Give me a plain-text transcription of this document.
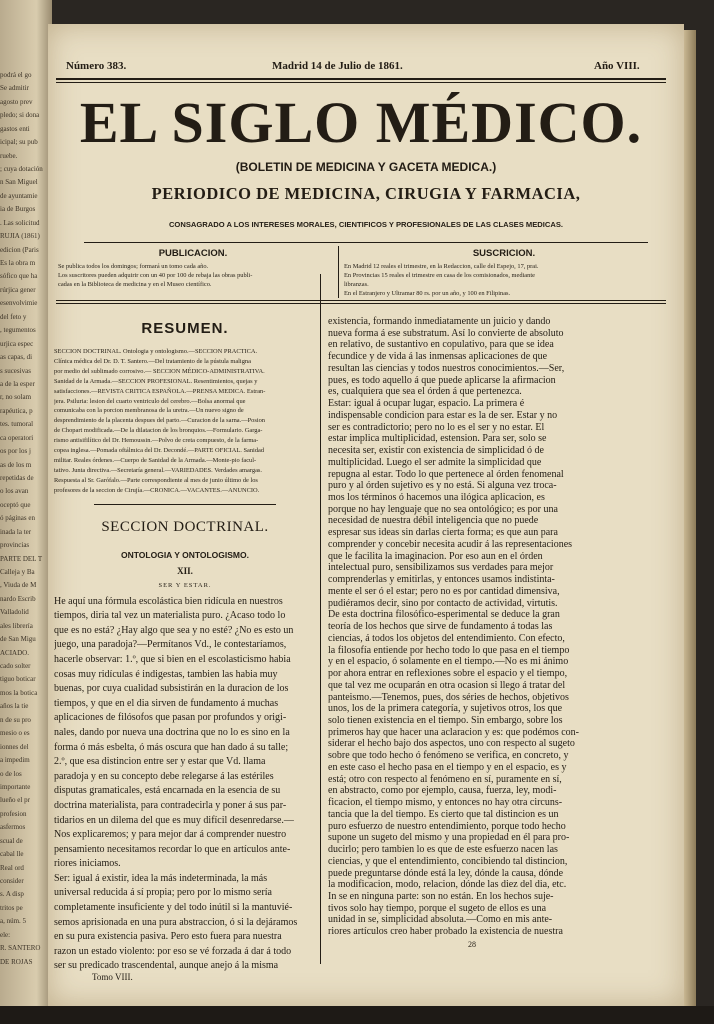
podrá el go
Se admitir
agosto prev
pledo; si dona
gastos enti
icipal; su pub
ruebe.
; cuya dotación
n San Miguel
de ayuntamie
ia de Burgos
. Las solicitud
RUJIA (1861)
edicion (Paris
Es la obra m
sófico que ha
rúrjica gener
esenvolvimie
del feto y
, tegumentos
urjica espec
as capas, di
s sucesivas
a de la esper
r, no solam
rapéutica, p
tes. tumoral
ca operatori
os por los j
as de los m
repetidas de
o los avan
oceptó que
ó páginas en
inada la ter
provincias
PARTE DEL T
Calleja y Ba
, Viuda de M
nardo Escrib
Valladolid
ales librería
de San Migu
ACIADO.
cado solter
tiguo boticar
mos la botica
años la tie
n de su pro
mesio o es
ionnes del
a impedim
o de los
importante
lueño el pr
profesion
asfermos
scual de
cabal lle
Real ord
consider
s. A disp
tritos pe
a, núm. 5
ele:
R. SANTERO
DE ROJAS
Número 383.	Madrid 14 de Julio de 1861.	Año VIII.
EL SIGLO MÉDICO.
(BOLETIN DE MEDICINA Y GACETA MEDICA.)
PERIODICO DE MEDICINA, CIRUGIA Y FARMACIA,
CONSAGRADO A LOS INTERESES MORALES, CIENTIFICOS Y PROFESIONALES DE LAS CLASES MEDICAS.
PUBLICACION.
Se publica todos los domingos; formará un tomo cada año.
Los suscritores pueden adquirir con un 40 por 100 de rebaja las obras publi-
cadas en la Biblioteca de medicina y en el Museo científico.
SUSCRICION.
En Madrid 12 reales el trimestre, en la Redaccion, calle del Espejo, 17, prai.
En Provincias 15 reales el trimestre en casa de los comisionados, mediante
libranzas.
En el Estranjero y Ultramar 80 rs. por un año, y 100 en Filipinas.
RESUMEN.
SECCION DOCTRINAL. Ontologia y ontologismo.—SECCION PRACTICA.
Clínica médica del Dr. D. T. Santero.—Del tratamiento de la pústula maligna
por medio del sublimado corrosivo.— SECCION MÉDICO-ADMINISTRATIVA.
Sanidad de la Armada.—SECCION PROFESIONAL. Resentimientos, quejas y
satisfacciones.—REVISTA CRITICA ESPAÑOLA.—PRENSA MEDICA. Estran-
jera. Psiluria: lesion del cuarto ventriculo del cerebro.—Bolsa anormal que
comunicaba con la porcion membranosa de la uretra.—Un nuevo signo de
desprendimiento de la placenta despues del parto.—Curacion de la sarna.—Posion
de Chopart modificada.—De la dilatacion de los bronquios.—Formulario. Garga-
rismo antisifilítico del Dr. Hemoussin.—Polvo de creta compuesto, de la farma-
copea inglesa.—Pomada oftálmica del Dr. Decondé.—PARTE OFICIAL. Sanidad
militar. Reales órdenes.—Cuerpo de Sanidad de la Armada.—Monte-pio facul-
tativo. Junta directiva.—Secretaría general.—VARIEDADES. Verdades amargas.
Respuesta al Sr. Garófalo.—Parte correspondiente al mes de junio último de los
profesores de la seccion de Cirujía.—CRONICA.—VACANTES.—ANUNCIO.
SECCION DOCTRINAL.
ONTOLOGIA Y ONTOLOGISMO.
XII.
SER Y ESTAR.
He aquí una fórmula escolástica bien ridícula en nuestros
tiempos, diria tal vez un materialista puro. ¿Acaso todo lo
que es no está? ¿Hay algo que sea y no esté? ¿No es esto un
juego, una paradoja?—Permítanos Vd., le contestaríamos,
hacerle observar: 1.º, que si bien en el escolasticismo habia
cosas muy ridículas é indigestas, tambien las habia muy
buenas, por cuya cualidad subsistirán en la duracion de los
tiempos, y que en el dia sirven de fundamento á muchas
aplicaciones de filósofos que pasan por profundos y origi-
nales, dando por nueva una doctrina que no lo es sino en la
forma ó más esbelta, ó más oscura que han dado á su talle;
2.º, que esa distincion entre ser y estar que Vd. llama
paradoja y en su concepto debe relegarse á las estériles
disputas gramaticales, está encarnada en la esencia de su
doctrina materialista, para contradecirla y poner á sus par-
tidarios en un dilema del que es muy difícil desenredarse.—
Nos explicaremos; y para mejor dar á comprender nuestro
pensamiento necesitamos recordar lo que en artículos ante-
riores iniciamos.
Ser: igual á existir, idea la más indeterminada, la más
universal reducida á sí propia; pero por lo mismo sería
completamente insuficiente y del todo inútil si la mantuvié-
semos aprisionada en una pura abstraccion, ó si la dejáramos
en su pura existencia pasiva. Pero esto fuera para nuestra
razon un estado violento: por eso se vé forzada á dar á todo
ser su predicado trascendental, aunque anejo á la misma
Tomo VIII.
existencia, formando inmediatamente un juicio y dando
nueva forma á ese substratum. Así lo convierte de absoluto
en relativo, de sustantivo en copulativo, para que se idea
fecundice y de vida á las inmensas aplicaciones de que
resultan las ciencias y todos nuestros conocimientos.—Ser,
pues, es todo aquello á que puede aplicarse la afirmacion
es, cualquiera que sea el órden á que pertenezca.
Estar: igual á ocupar lugar, espacio. La primera é
indispensable condicion para estar es la de ser. Estar y no
ser es contradictorio; pero no lo es el ser y no estar. El
estar implica multiplicidad, estension. Para ser, solo se
necesita ser, existir con existencia de simplicidad ó de
multiplicidad. Luego el ser admite la simplicidad que
repugna al estar. Todo lo que pertenece al órden fenomenal
puro y al órden sujetivo es y no está. Si alguna vez troca-
mos los términos ó hacemos una ilógica aplicacion, es
porque no hay lenguaje que no sea ontológico; es por una
necesidad de nuestra débil inteligencia que no puede
espresar sus ideas sin darlas cierta forma; es que aun para
comprender y concebir necesita acudir á las representaciones
que le facilita la imaginacion. Por eso aun en el órden
intelectual puro, sensibilizamos sus verdades para mejor
comprenderlas y emitirlas, y entonces usamos indistinta-
mente el ser ó el estar; pero no es por cantidad dimensiva,
pudiéramos decir, sino por contacto de actividad, virtutis.
De esta doctrina filosófico-esperimental se deduce la gran
teoría de los hechos que sirve de fundamento á todas las
ciencias, á todos los objetos del entendimiento. Con efecto,
la filosofía entiende por hecho todo lo que pasa en el tiempo
y en el espacio, ó solamente en el tiempo.—No es mi ánimo
por ahora entrar en reflexiones sobre el espacio y el tiempo,
que tal vez me ocuparán en otra ocasion si llego á tratar del
panteismo.—Tenemos, pues, dos séries de hechos, objetivos
unos, los de la primera categoría, y sujetivos otros, los que
solo tienen existencia en el tiempo. Sin embargo, sobre los
primeros hay que hacer una aclaracion y es: que podémos con-
siderar el hecho bajo dos aspectos, uno con respecto al sugeto
sobre que todo hecho ó fenómeno se verifica, en concreto, y
en este caso el hecho pasa en el tiempo y en el espacio, es y
está; otro con respecto al fenómeno en sí, puramente en sí,
en abstracto, como por ejemplo, causa, fuerza, ley, modi-
ficacion, el tiempo mismo, y entonces no hay otra circuns-
tancia que la del tiempo. Es cierto que tal distincion es un
puro esfuerzo de nuestro entendimiento, porque todo hecho
supone un sugeto del mismo y una propiedad en él para pro-
ducirlo; pero tambien lo es que de este esfuerzo nacen las
ciencias, y que el entendimiento, concibiendo tal distincion,
puede preguntarse dónde está la ley, dónde la causa, dónde
la modificacion, modo, relacion, dónde las diez del dia, etc.
In se en ninguna parte: son no están. En los hechos suje-
tivos solo hay tiempo, porque el sugeto de ellos es una
unidad in se, simplicidad absoluta.—Como en mis ante-
riores artículos creo haber probado la existencia de nuestra
28
